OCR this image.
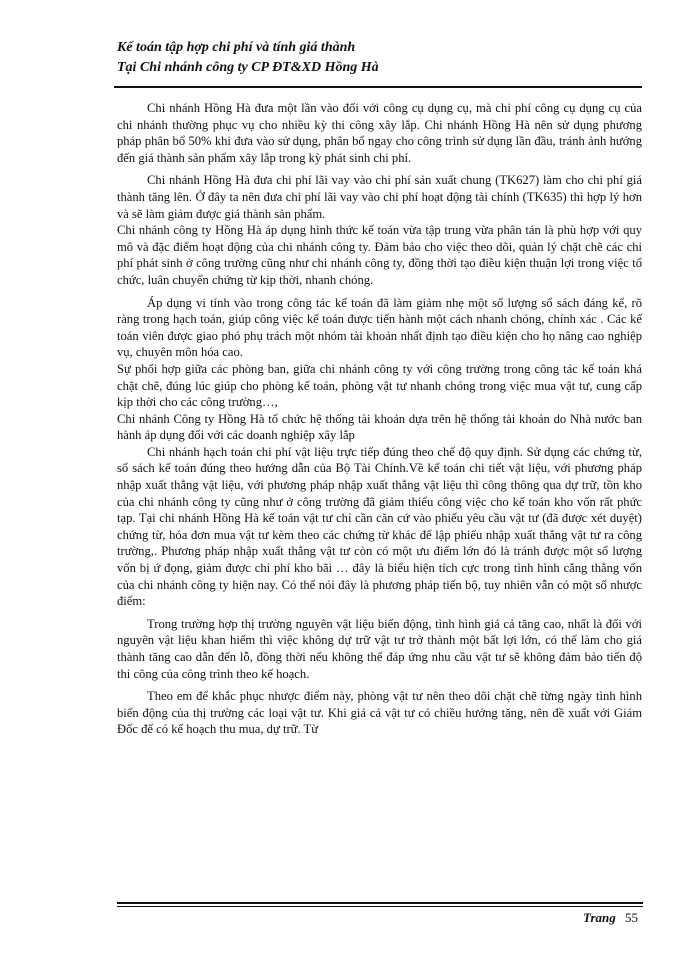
Kế toán tập hợp chi phí và tính giá thành
Tại Chi nhánh công ty CP ĐT&XD Hồng Hà

Chi nhánh Hồng Hà đưa một lần vào đối với công cụ dụng cụ, mà chi phí công cụ dụng cụ của chi nhánh thường phục vụ cho nhiều kỳ thi công xây lắp. Chi nhánh Hồng Hà nên sử dụng phương pháp phân bổ 50% khi đưa vào sử dụng, phân bổ ngay cho công trình sử dụng lần đầu, tránh ảnh hưởng đến giá thành sản phẩm xây lắp trong kỳ phát sinh chi phí.

Chi nhánh Hồng Hà đưa chi phí lãi vay vào chi phí sản xuất chung (TK627) làm cho chi phí giá thành tăng lên. Ở đây ta nên đưa chi phí lãi vay vào chi phí hoạt động tài chính (TK635) thì hợp lý hơn và sẽ làm giảm được giá thành sản phẩm.

Chi nhánh công ty Hồng Hà áp dụng hình thức kế toán vừa tập trung vừa phân tán là phù hợp với quy mô và đặc điểm hoạt động của chi nhánh công ty. Đảm bảo cho việc theo dõi, quản lý chặt chẽ các chi phí phát sinh ở công trường cũng như chi nhánh công ty, đồng thời tạo điều kiện thuận lợi trong việc tổ chức, luân chuyển chứng từ kịp thời, nhanh chóng.

Áp dụng vi tính vào trong công tác kế toán đã làm giảm nhẹ một số lượng sổ sách đáng kể, rõ ràng trong hạch toán, giúp công việc kế toán được tiến hành một cách nhanh chóng, chính xác . Các kế toán viên được giao phó phụ trách một nhóm tài khoản nhất định tạo điều kiện cho họ nâng cao nghiệp vụ, chuyên môn hóa cao.

Sự phối hợp giữa các phòng ban, giữa chi nhánh công ty với công trường trong công tác kế toán khá chặt chẽ, đúng lúc giúp cho phòng kế toán, phòng vật tư nhanh chóng trong việc mua vật tư, cung cấp kịp thời cho các công trường…,

Chi nhánh Công ty Hồng Hà tổ chức hệ thống tài khoản dựa trên hệ thống tài khoản do Nhà nước ban hành áp dụng đối với các doanh nghiệp xây lắp

Chi nhánh hạch toán chi phí vật liệu trực tiếp đúng theo chế độ quy định. Sử dụng các chứng từ, sổ sách kế toán đúng theo hướng dẫn của Bộ Tài Chính.Về kế toán chi tiết vật liệu, với phương pháp nhập xuất thẳng vật liệu, với phương pháp nhập xuất thẳng vật liệu thì công thông qua dự trữ, tồn kho của chi nhánh công ty cũng như ở công trường đã giảm thiểu công việc cho kế toán kho vốn rất phức tạp. Tại chi nhánh Hồng Hà kế toán vật tư chỉ cần căn cứ vào phiếu yêu cầu vật tư (đã được xét duyệt) chứng từ, hóa đơn mua vật tư kèm theo các chứng từ khác để lập phiếu nhập xuất thẳng vật tư ra công trường,. Phương pháp nhập xuất thẳng vật tư còn có một ưu điểm lớn đó là tránh được một số lượng vốn bị ứ đọng, giảm được chi phí kho bãi … đây là biểu hiện tích cực trong tình hình cắng thẳng vốn của chi nhánh công ty hiện nay. Có thể nói đây là phương pháp tiến bộ, tuy nhiên vẫn có một số nhược điểm:

Trong trường hợp thị trường nguyên vật liệu biến động, tình hình giá cả tăng cao, nhất là đối với nguyên vật liệu khan hiếm thì việc không dự trữ vật tư trở thành một bất lợi lớn, có thể làm cho giá thành tăng cao dẫn đến lỗ, đồng thời nếu không thể đáp ứng nhu cầu vật tư sẽ không đảm bảo tiến độ thi công của công trình theo kế hoạch.

Theo em để khắc phục nhược điểm này, phòng vật tư nên theo dõi chặt chẽ từng ngày tình hình biến động của thị trường các loại vật tư. Khi giá cả vật tư có chiều hướng tăng, nên đề xuất với Giám Đốc để có kế hoạch thu mua, dự trữ. Từ

Trang 55
